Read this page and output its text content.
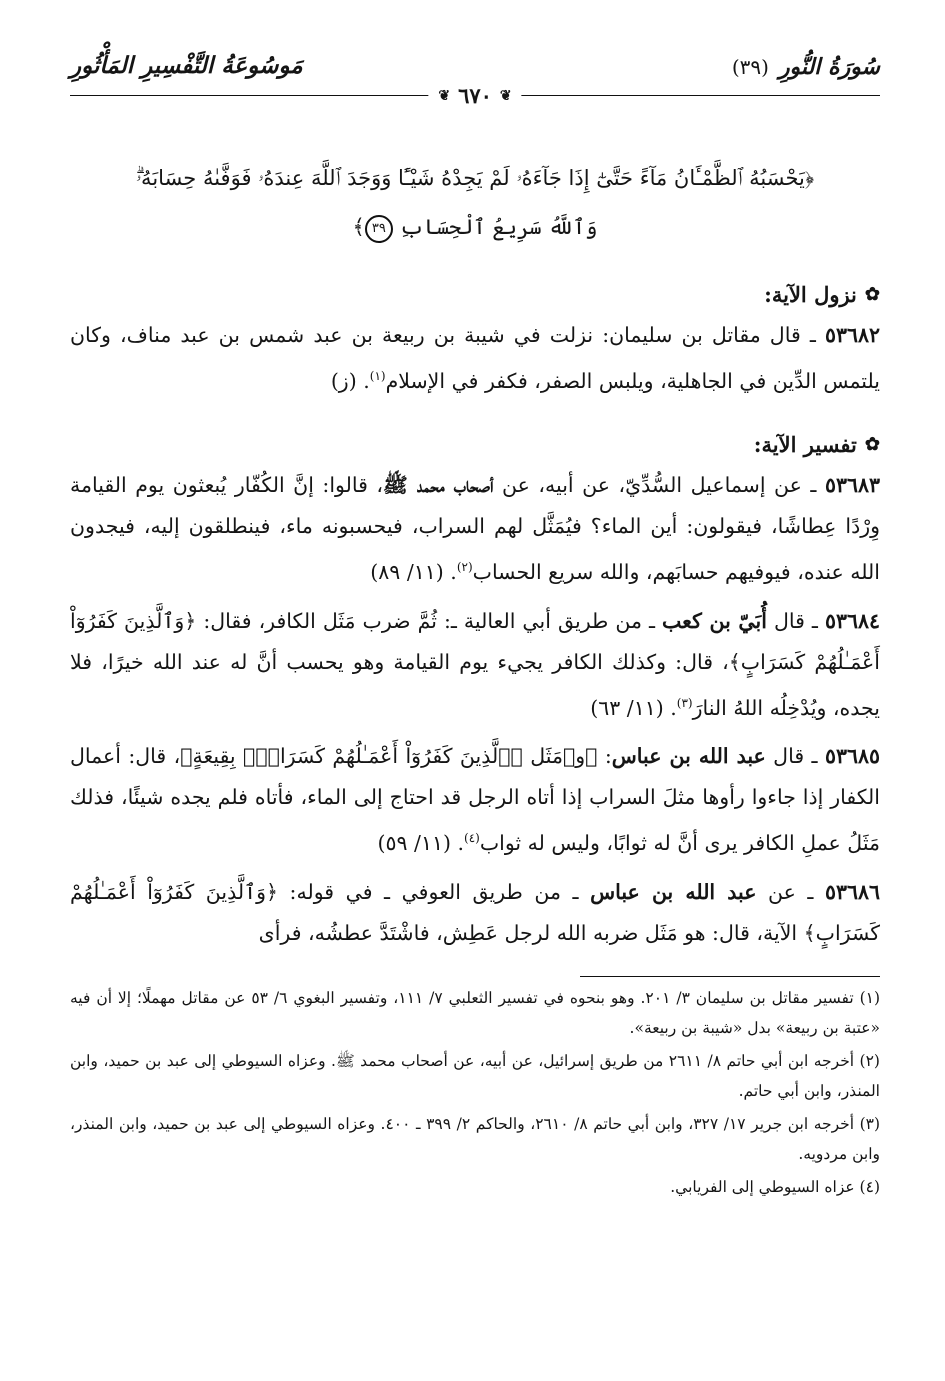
سُورَةُ النُّورِ(٣٩)
مَوسُوعَةُ التَّفْسِيرِ المَأْثُورِ
❦
٦٧٠
❦
﴿يَحْسَبُهُ ٱلظَّمْـَٔانُ مَآءً حَتَّىٰٓ إِذَا جَآءَهُۥ لَمْ يَجِدْهُ شَيْـًٔا وَوَجَدَ ٱللَّهَ عِندَهُۥ فَوَفَّىٰهُ حِسَابَهُۥۗ
وَٱللَّهُ سَرِيعُ ٱلْحِسَابِ ٣٩﴾
✿
نزول الآية:

٥٣٦٨٢ ـ قال مقاتل بن سليمان: نزلت في شيبة بن ربيعة بن عبد شمس بن عبد مناف، وكان يلتمس الدِّين في الجاهلية، ويلبس الصفر، فكفر في الإسلام$^{(١)}$. (ز)

✿
تفسير الآية:

٥٣٦٨٣ ـ عن إسماعيل السُّدِّيّ، عن أبيه، عن أصحاب محمد ﷺ، قالوا: إنَّ الكُفّار يُبعثون يوم القيامة وِرْدًا عِطاشًا، فيقولون: أين الماء؟ فيُمَثَّل لهم السراب، فيحسبونه ماء، فينطلقون إليه، فيجدون الله عنده، فيوفيهم حسابَهم، والله سريع الحساب$^{(٢)}$. (١١/ ٨٩)

٥٣٦٨٤ ـ قال أُبَيّ بن كعب ـ من طريق أبي العالية ـ: ثُمَّ ضرب مَثَل الكافر، فقال: ﴿وَٱلَّذِينَ كَفَرُوٓاْ أَعْمَـٰلُهُمْ كَسَرَابٍ﴾، قال: وكذلك الكافر يجيء يوم القيامة وهو يحسب أنَّ له عند الله خيرًا، فلا يجده، ويُدْخِلُه اللهُ النارَ$^{(٣)}$. (١١/ ٦٣)

٥٣٦٨٥ ـ قال عبد الله بن عباس: ﴿و﴾مَثَل ﴿ٱلَّذِينَ كَفَرُوٓاْ أَعْمَـٰلُهُمْ كَسَرَابِۭ بِقِيعَةٍ﴾، قال: أعمال الكفار إذا جاءوا رأوها مثلَ السراب إذا أتاه الرجل قد احتاج إلى الماء، فأتاه فلم يجده شيئًا، فذلك مَثَلُ عملِ الكافر يرى أنَّ له ثوابًا، وليس له ثواب$^{(٤)}$. (١١/ ٥٩)

٥٣٦٨٦ ـ عن عبد الله بن عباس ـ من طريق العوفي ـ في قوله: ﴿وَٱلَّذِينَ كَفَرُوٓاْ أَعْمَـٰلُهُمْ كَسَرَابٍ﴾ الآية، قال: هو مَثَل ضربه الله لرجل عَطِش، فاشْتَدَّ عطشُه، فرأى

(١) تفسير مقاتل بن سليمان ٣/ ٢٠١. وهو بنحوه في تفسير الثعلبي ٧/ ١١١، وتفسير البغوي ٦/ ٥٣ عن مقاتل مهملًا؛ إلا أن فيه «عتبة بن ربيعة» بدل «شيبة بن ربيعة».

(٢) أخرجه ابن أبي حاتم ٨/ ٢٦١١ من طريق إسرائيل، عن أبيه، عن أصحاب محمد ﷺ. وعزاه السيوطي إلى عبد بن حميد، وابن المنذر، وابن أبي حاتم.

(٣) أخرجه ابن جرير ١٧/ ٣٢٧، وابن أبي حاتم ٨/ ٢٦١٠، والحاكم ٢/ ٣٩٩ ـ ٤٠٠. وعزاه السيوطي إلى عبد بن حميد، وابن المنذر، وابن مردويه.

(٤) عزاه السيوطي إلى الفريابي.
